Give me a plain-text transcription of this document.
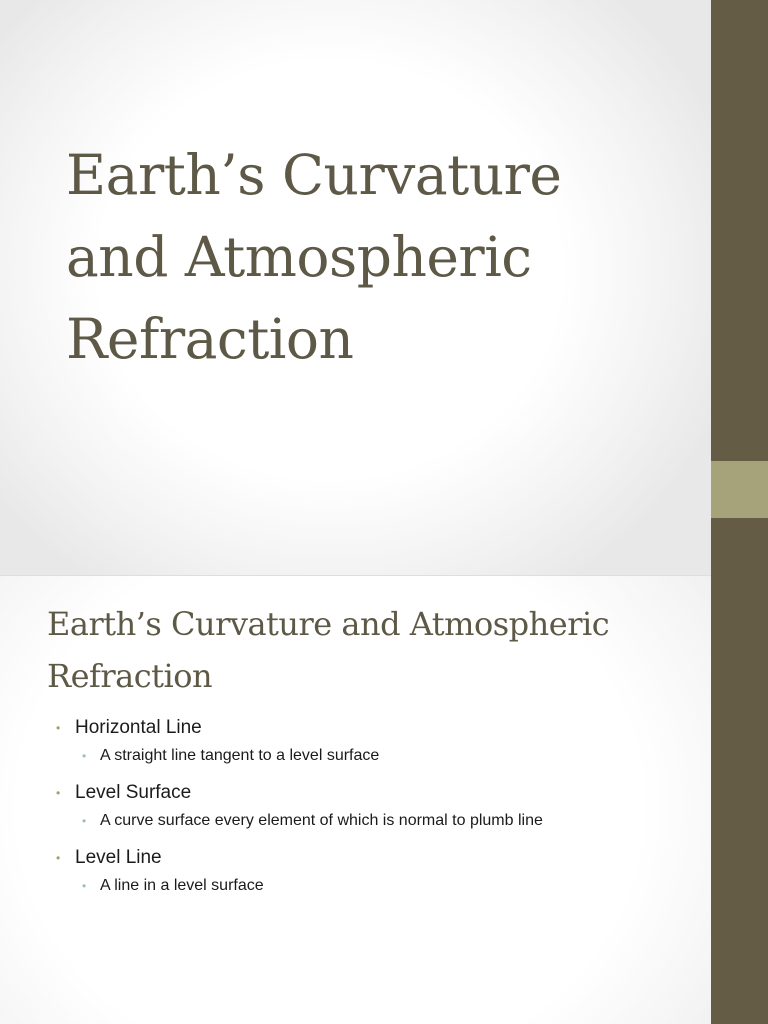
Earth’s Curvature
and Atmospheric
Refraction
Earth’s Curvature and Atmospheric
Refraction
• Horizontal Line
• A straight line tangent to a level surface
• Level Surface
• A curve surface every element of which is normal to plumb line
• Level Line
• A line in a level surface
